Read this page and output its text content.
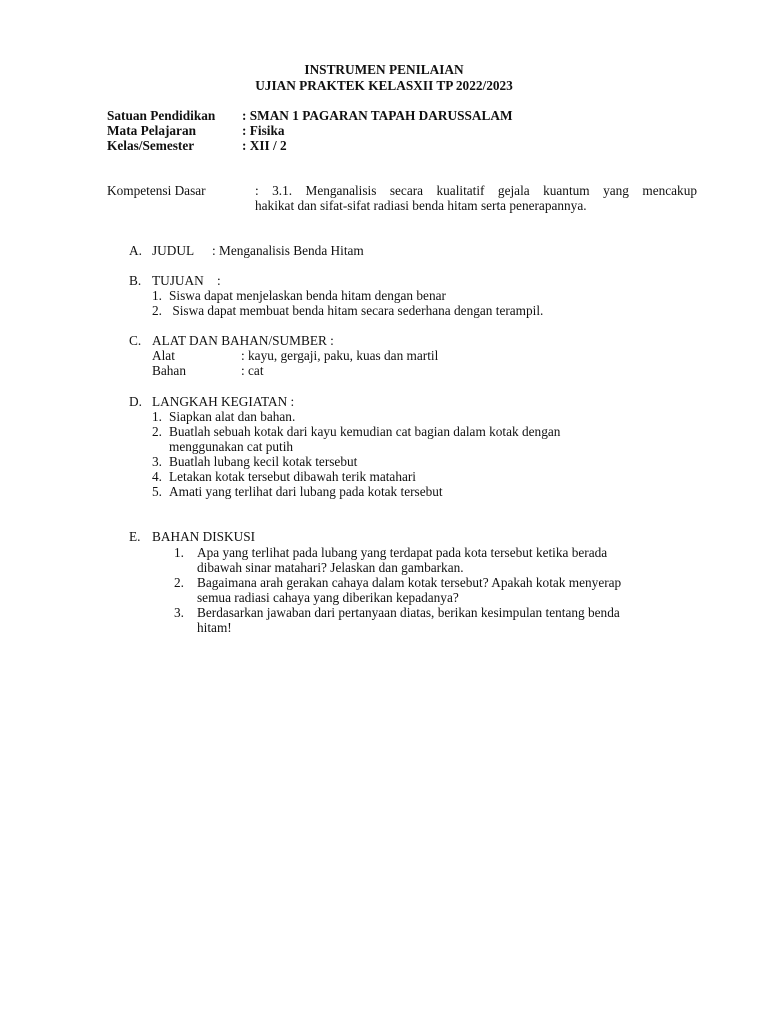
INSTRUMEN PENILAIAN
UJIAN PRAKTEK KELASXII TP 2022/2023
Satuan Pendidikan : SMAN 1 PAGARAN TAPAH DARUSSALAM
Mata Pelajaran	: Fisika
Kelas/Semester	: XII / 2
Kompetensi Dasar	: 3.1. Menganalisis secara kualitatif gejala kuantum yang mencakup
hakikat dan sifat-sifat radiasi benda hitam serta penerapannya.
A. JUDUL : Menganalisis Benda Hitam
B. TUJUAN    :
1. Siswa dapat menjelaskan benda hitam dengan benar
2. Siswa dapat membuat benda hitam secara sederhana dengan terampil.
C. ALAT DAN BAHAN/SUMBER :
Alat	: kayu, gergaji, paku, kuas dan martil
Bahan	: cat
D. LANGKAH KEGIATAN :
1. Siapkan alat dan bahan.
2. Buatlah sebuah kotak dari kayu kemudian cat bagian dalam kotak dengan
menggunakan cat putih
3. Buatlah lubang kecil kotak tersebut
4. Letakan kotak tersebut dibawah terik matahari
5. Amati yang terlihat dari lubang pada kotak tersebut
E. BAHAN DISKUSI
1. Apa yang terlihat pada lubang yang terdapat pada kota tersebut ketika berada
dibawah sinar matahari? Jelaskan dan gambarkan.
2. Bagaimana arah gerakan cahaya dalam kotak tersebut? Apakah kotak menyerap
semua radiasi cahaya yang diberikan kepadanya?
3. Berdasarkan jawaban dari pertanyaan diatas, berikan kesimpulan tentang benda
hitam!
